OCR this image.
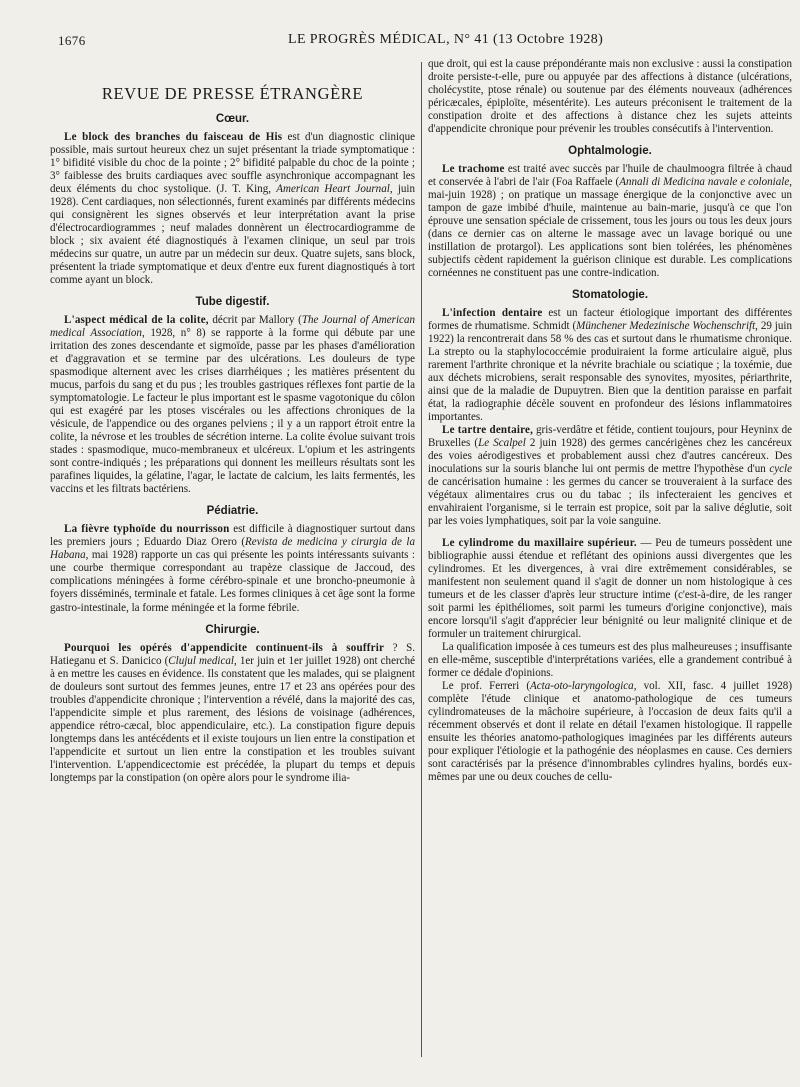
1676	LE PROGRÈS MÉDICAL, N° 41 (13 Octobre 1928)
REVUE DE PRESSE ÉTRANGÈRE
Cœur.

Le block des branches du faisceau de His est d'un diagnostic clinique possible, mais surtout heureux chez un sujet présentant la triade symptomatique : 1° bifidité visible du choc de la pointe ; 2° bifidité palpable du choc de la pointe ; 3° faiblesse des bruits cardiaques avec souffle asynchronique accompagnant les deux éléments du choc systolique. (J. T. King, American Heart Journal, juin 1928). Cent cardiaques, non sélectionnés, furent examinés par différents médecins qui consignèrent les signes observés et leur interprétation avant la prise d'électrocardiogrammes ; neuf malades donnèrent un électrocardiogramme de block ; six avaient été diagnostiqués à l'examen clinique, un seul par trois médecins sur quatre, un autre par un médecin sur deux. Quatre sujets, sans block, présentent la triade symptomatique et deux d'entre eux furent diagnostiqués à tort comme ayant un block.

Tube digestif.

L'aspect médical de la colite, décrit par Mallory (The Journal of American medical Association, 1928, n° 8) se rapporte à la forme qui débute par une irritation des zones descendante et sigmoïde, passe par les phases d'amélioration et d'aggravation et se termine par des ulcérations. Les douleurs de type spasmodique alternent avec les crises diarrhéiques ; les matières présentent du mucus, parfois du sang et du pus ; les troubles gastriques réflexes font partie de la symptomatologie. Le facteur le plus important est le spasme vagotonique du côlon qui est exagéré par les ptoses viscérales ou les affections chroniques de la vésicule, de l'appendice ou des organes pelviens ; il y a un rapport étroit entre la colite, la névrose et les troubles de sécrétion interne. La colite évolue suivant trois stades : spasmodique, muco-membraneux et ulcéreux. L'opium et les astringents sont contre-indiqués ; les préparations qui donnent les meilleurs résultats sont les parafines liquides, la gélatine, l'agar, le lactate de calcium, les laits fermentés, les vaccins et les filtrats bactériens.

Pédiatrie.

La fièvre typhoïde du nourrisson est difficile à diagnostiquer surtout dans les premiers jours ; Eduardo Diaz Orero (Revista de medicina y cirurgia de la Habana, mai 1928) rapporte un cas qui présente les points intéressants suivants : une courbe thermique correspondant au trapèze classique de Jaccoud, des complications méningées à forme cérébro-spinale et une broncho-pneumonie à foyers disséminés, terminale et fatale. Les formes cliniques à cet âge sont la forme gastro-intestinale, la forme méningée et la forme fébrile.

Chirurgie.

Pourquoi les opérés d'appendicite continuent-ils à souffrir ? S. Hatieganu et S. Danicico (Clujul medical, 1er juin et 1er juillet 1928) ont cherché à en mettre les causes en évidence. Ils constatent que les malades, qui se plaignent de douleurs sont surtout des femmes jeunes, entre 17 et 23 ans opérées pour des troubles d'appendicite chronique ; l'intervention a révélé, dans la majorité des cas, l'appendicite simple et plus rarement, des lésions de voisinage (adhérences, appendice rétro-cæcal, bloc appendiculaire, etc.). La constipation figure depuis longtemps dans les antécédents et il existe toujours un lien entre la constipation et l'appendicite et surtout un lien entre la constipation et les troubles suivant l'intervention. L'appendicectomie est précédée, la plupart du temps et depuis longtemps par la constipation (on opère alors pour le syndrome ilia-

que droit, qui est la cause prépondérante mais non exclusive : aussi la constipation droite persiste-t-elle, pure ou appuyée par des affections à distance (ulcérations, cholécystite, ptose rénale) ou soutenue par des éléments nouveaux (adhérences péricæcales, épiploïte, mésentérite). Les auteurs préconisent le traitement de la constipation droite et des affections à distance chez les sujets atteints d'appendicite chronique pour prévenir les troubles consécutifs à l'intervention.

Ophtalmologie.

Le trachome est traité avec succès par l'huile de chaulmoogra filtrée à chaud et conservée à l'abri de l'air (Foa Raffaele (Annali di Medicina navale e coloniale, mai-juin 1928) ; on pratique un massage énergique de la conjonctive avec un tampon de gaze imbibé d'huile, maintenue au bain-marie, jusqu'à ce que l'on éprouve une sensation spéciale de crissement, tous les jours ou tous les deux jours (dans ce dernier cas on alterne le massage avec un lavage boriqué ou une instillation de protargol). Les applications sont bien tolérées, les phénomènes subjectifs cèdent rapidement la guérison clinique est durable. Les complications cornéennes ne constituent pas une contre-indication.

Stomatologie.

L'infection dentaire est un facteur étiologique important des différentes formes de rhumatisme. Schmidt (Münchener Medezinische Wochenschrift, 29 juin 1922) la rencontrerait dans 58 % des cas et surtout dans le rhumatisme chronique. La strepto ou la staphylococcémie produiraient la forme articulaire aiguë, plus rarement l'arthrite chronique et la névrite brachiale ou sciatique ; la toxémie, due aux déchets microbiens, serait responsable des synovites, myosites, périarthrite, ainsi que de la maladie de Dupuytren. Bien que la dentition paraisse en parfait état, la radiographie décèle souvent en profondeur des lésions inflammatoires importantes.

Le tartre dentaire, gris-verdâtre et fétide, contient toujours, pour Heyninx de Bruxelles (Le Scalpel 2 juin 1928) des germes cancérigènes chez les cancéreux des voies aérodigestives et probablement aussi chez d'autres cancéreux. Des inoculations sur la souris blanche lui ont permis de mettre l'hypothèse d'un cycle de cancérisation humaine : les germes du cancer se trouveraient à la surface des végétaux alimentaires crus ou du tabac ; ils infecteraient les gencives et envahiraient l'organisme, si le terrain est propice, soit par la salive déglutie, soit par les voies lymphatiques, soit par la voie sanguine.

Le cylindrome du maxillaire supérieur. — Peu de tumeurs possèdent une bibliographie aussi étendue et reflétant des opinions aussi divergentes que les cylindromes. Et les divergences, à vrai dire extrêmement considérables, se manifestent non seulement quand il s'agit de donner un nom histologique à ces tumeurs et de les classer d'après leur structure intime (c'est-à-dire, de les ranger soit parmi les épithéliomes, soit parmi les tumeurs d'origine conjonctive), mais encore lorsqu'il s'agit d'apprécier leur bénignité ou leur malignité clinique et de formuler un traitement chirurgical.

La qualification imposée à ces tumeurs est des plus malheureuses ; insuffisante en elle-même, susceptible d'interprétations variées, elle a grandement contribué à former ce dédale d'opinions.

Le prof. Ferreri (Acta-oto-laryngologica, vol. XII, fasc. 4 juillet 1928) complète l'étude clinique et anatomo-pathologique de ces tumeurs cylindromateuses de la mâchoire supérieure, à l'occasion de deux faits qu'il a récemment observés et dont il relate en détail l'examen histologique. Il rappelle ensuite les théories anatomo-pathologiques imaginées par les différents auteurs pour expliquer l'étiologie et la pathogénie des néoplasmes en cause. Ces derniers sont caractérisés par la présence d'innombrables cylindres hyalins, bordés eux-mêmes par une ou deux couches de cellu-
